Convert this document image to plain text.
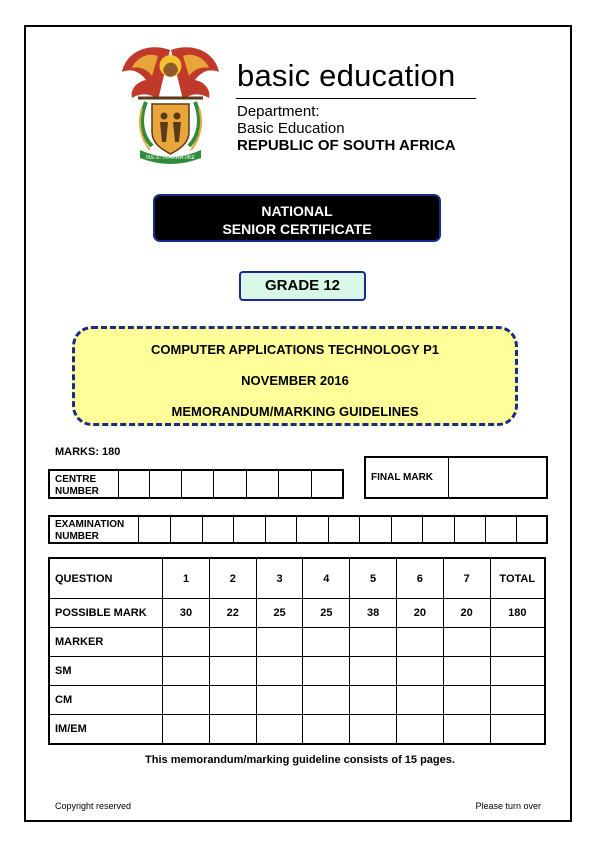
!KE E: /XARRA //KE
basic education
Department:
Basic Education
REPUBLIC OF SOUTH AFRICA
NATIONAL
SENIOR CERTIFICATE
GRADE 12
COMPUTER APPLICATIONS TECHNOLOGY P1
NOVEMBER 2016
MEMORANDUM/MARKING GUIDELINES
MARKS: 180
CENTRE
NUMBER
FINAL MARK
EXAMINATION
NUMBER
QUESTION	1	2	3	4	5	6	7	TOTAL
POSSIBLE MARK	30	22	25	25	38	20	20	180
MARKER								
SM								
CM								
IM/EM								
This memorandum/marking guideline consists of 15 pages.
Copyright reserved	Please turn over
